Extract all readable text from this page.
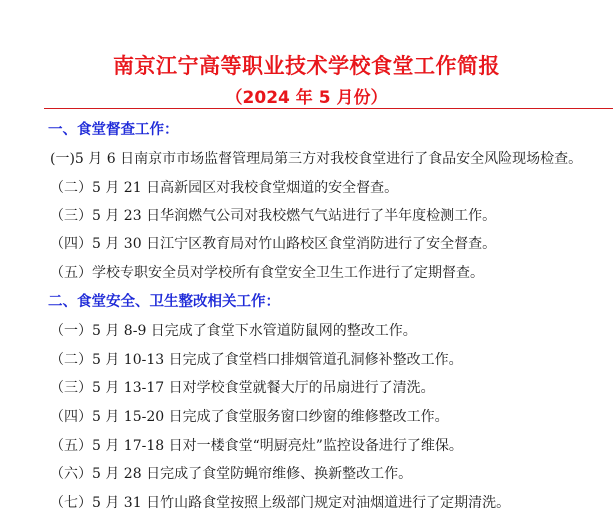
南京江宁高等职业技术学校食堂工作简报
（2024 年 5 月份）
一、食堂督查工作：
(一)5 月 6 日南京市市场监督管理局第三方对我校食堂进行了食品安全风险现场检查。
（二）5 月 21 日高新园区对我校食堂烟道的安全督查。
（三）5 月 23 日华润燃气公司对我校燃气气站进行了半年度检测工作。
（四）5 月 30 日江宁区教育局对竹山路校区食堂消防进行了安全督查。
（五）学校专职安全员对学校所有食堂安全卫生工作进行了定期督查。
二、食堂安全、卫生整改相关工作：
（一）5 月 8-9 日完成了食堂下水管道防鼠网的整改工作。
（二）5 月 10-13 日完成了食堂档口排烟管道孔洞修补整改工作。
（三）5 月 13-17 日对学校食堂就餐大厅的吊扇进行了清洗。
（四）5 月 15-20 日完成了食堂服务窗口纱窗的维修整改工作。
（五）5 月 17-18 日对一楼食堂“明厨亮灶”监控设备进行了维保。
（六）5 月 28 日完成了食堂防蝇帘维修、换新整改工作。
（七）5 月 31 日竹山路食堂按照上级部门规定对油烟道进行了定期清洗。
